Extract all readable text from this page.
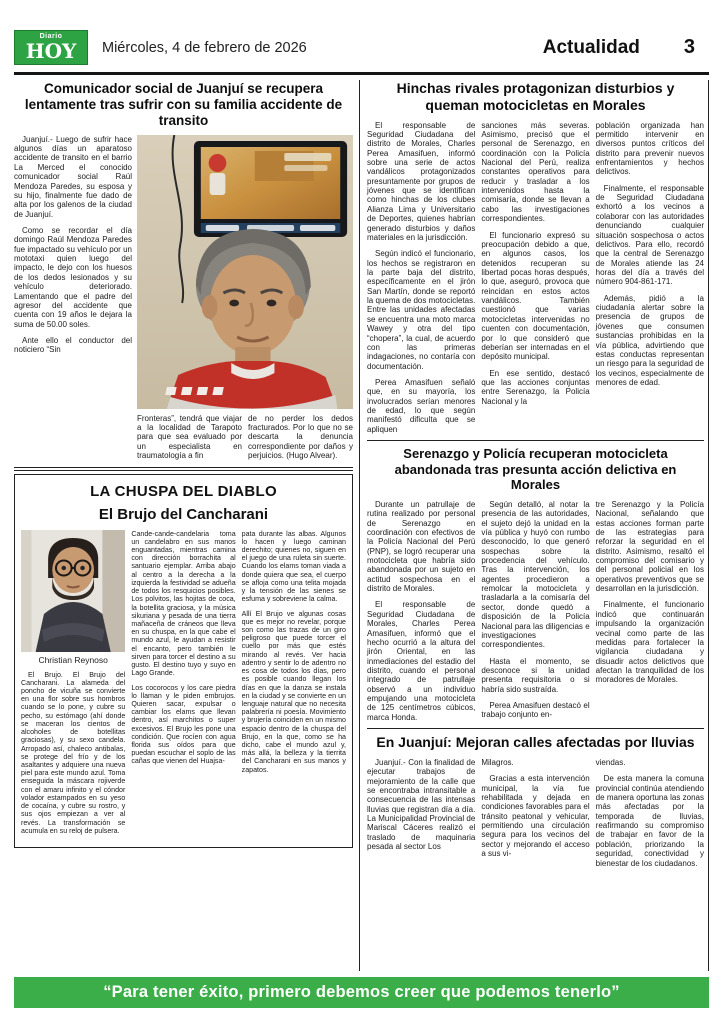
Diario
HOY	Miércoles, 4 de febrero de 2026	Actualidad 3
Comunicador social de Juanjuí se recupera lentamente tras sufrir con su familia accidente de transito

Juanjuí.- Luego de sufrir hace algunos días un aparatoso accidente de transito en el barrio La Merced el conocido comunicador social Raúl Mendoza Paredes, su esposa y su hijo, finalmente fue dado de alta por los galenos de la ciudad de Juanjuí.

Como se recordar el día domingo Raúl Mendoza Paredes fue impactado su vehículo por un mototaxi quien luego del impacto, le dejo con los huesos de los dedos lesionados y su vehículo deteriorado. Lamentando que el padre del agresor del accidente que cuenta con 19 años le dejara la suma de 50.00 soles.

Ante ello el conductor del noticiero “Sin

Fronteras”, tendrá que viajar a la localidad de Tarapoto para que sea evaluado por un especialista en traumatología a fin

de no perder los dedos fracturados. Por lo que no se descarta la denuncia correspondiente por daños y perjuicios. (Hugo Alvear).

LA CHUSPA DEL DIABLO
El Brujo del Cancharani
Christian Reynoso

El Brujo. El Brujo del Cancharani. La alameda del poncho de vicuña se convierte en una flor sobre sus hombros cuando se lo pone, y cubre su pecho, su estómago (ahí donde se maceran los cientos de alcoholes de botellitas graciosas), y su sexo candela. Arropado así, chaleco antibalas, se protege del frío y de los asaltantes y adquiere una nueva piel para este mundo azul. Toma enseguida la máscara rojiverde con el amaru infinito y el cóndor volador estampados en su yeso de cocaína, y cubre su rostro, y sus ojos empiezan a ver al revés. La transformación se acumula en su reloj de pulsera.

Cande-cande-candelaria toma un candelabro en sus manos enguantadas, mientras camina con dirección borrachita al santuario ejemplar. Arriba abajo al centro a la derecha a la izquierda la festividad se adueña de todos los resquicios posibles. Los polvitos, las hojitas de coca, la botellita graciosa, y la música sikuriana y pesada de una tierra mañaceña de cráneos que lleva en su chuspa, en la que cabe el mundo azul, le ayudan a resistir el encanto, pero también le sirven para torcer el destino a su gusto. El destino tuyo y suyo en Lago Grande.

Los cocorocos y los care piedra lo llaman y le piden embrujos. Quieren sacar, expulsar o cambiar los elams que llevan dentro, así marchitos o super excesivos. El Brujo les pone una condición. Que rocíen con agua florida sus oídos para que puedan escuchar el soplo de las cañas que vienen del Huajsa-

pata durante las albas. Algunos lo hacen y luego caminan derechito; quienes no, siguen en el juego de una ruleta sin suerte. Cuando los elams toman viada a donde quiera que sea, el cuerpo se afloja como una telita mojada y la tensión de las sienes se esfuma y sobreviene la calma.

Allí El Brujo ve algunas cosas que es mejor no revelar, porque son como las trazas de un giro peligroso que puede torcer el cuello por más que estés mirando al revés. Ver hacia adentro y sentir lo de adentro no es cosa de todos los días, pero es posible cuando llegan los días en que la danza se instala en la ciudad y se convierte en un lenguaje natural que no necesita palabrería ni poesía. Movimiento y brujería coinciden en un mismo espacio dentro de la chuspa del Brujo, en la que, como se ha dicho, cabe el mundo azul y, más allá, la belleza y la tierrita del Cancharani en sus manos y zapatos.

Hinchas rivales protagonizan disturbios y queman motocicletas en Morales

El responsable de Seguridad Ciudadana del distrito de Morales, Charles Perea Amasifuen, informó sobre una serie de actos vandálicos protagonizados presuntamente por grupos de jóvenes que se identifican como hinchas de los clubes Alianza Lima y Universitario de Deportes, quienes habrían generado disturbios y daños materiales en la jurisdicción.

Según indicó el funcionario, los hechos se registraron en la parte baja del distrito, específicamente en el jirón San Martín, donde se reportó la quema de dos motocicletas. Entre las unidades afectadas se encuentra una moto marca Wawey y otra del tipo “chopera”, la cual, de acuerdo con las primeras indagaciones, no contaría con documentación.

Perea Amasifuen señaló que, en su mayoría, los involucrados serían menores de edad, lo que según manifestó dificulta que se apliquen

sanciones más severas. Asimismo, precisó que el personal de Serenazgo, en coordinación con la Policía Nacional del Perú, realiza constantes operativos para reducir y trasladar a los intervenidos hasta la comisaría, donde se llevan a cabo las investigaciones correspondientes.

El funcionario expresó su preocupación debido a que, en algunos casos, los detenidos recuperan su libertad pocas horas después, lo que, aseguró, provoca que reincidan en estos actos vandálicos. También cuestionó que varias motocicletas intervenidas no cuenten con documentación, por lo que consideró que deberían ser internadas en el depósito municipal.

En ese sentido, destacó que las acciones conjuntas entre Serenazgo, la Policía Nacional y la

población organizada han permitido intervenir en diversos puntos críticos del distrito para prevenir nuevos enfrentamientos y hechos delictivos.

Finalmente, el responsable de Seguridad Ciudadana exhortó a los vecinos a colaborar con las autoridades denunciando cualquier situación sospechosa o actos delictivos. Para ello, recordó que la central de Serenazgo de Morales atiende las 24 horas del día a través del número 904-861-171.

Además, pidió a la ciudadanía alertar sobre la presencia de grupos de jóvenes que consumen sustancias prohibidas en la vía pública, advirtiendo que estas conductas representan un riesgo para la seguridad de los vecinos, especialmente de menores de edad.

Serenazgo y Policía recuperan motocicleta abandonada tras presunta acción delictiva en Morales

Durante un patrullaje de rutina realizado por personal de Serenazgo en coordinación con efectivos de la Policía Nacional del Perú (PNP), se logró recuperar una motocicleta que habría sido abandonada por un sujeto en actitud sospechosa en el distrito de Morales.

El responsable de Seguridad Ciudadana de Morales, Charles Perea Amasifuen, informó que el hecho ocurrió a la altura del jirón Oriental, en las inmediaciones del estadio del distrito, cuando el personal integrado de patrullaje observó a un individuo empujando una motocicleta de 125 centímetros cúbicos, marca Honda.

Según detalló, al notar la presencia de las autoridades, el sujeto dejó la unidad en la vía pública y huyó con rumbo desconocido, lo que generó sospechas sobre la procedencia del vehículo. Tras la intervención, los agentes procedieron a remolcar la motocicleta y trasladarla a la comisaría del sector, donde quedó a disposición de la Policía Nacional para las diligencias e investigaciones correspondientes.

Hasta el momento, se desconoce si la unidad presenta requisitoria o si habría sido sustraída.

Perea Amasifuen destacó el trabajo conjunto en-

tre Serenazgo y la Policía Nacional, señalando que estas acciones forman parte de las estrategias para reforzar la seguridad en el distrito. Asimismo, resaltó el compromiso del comisario y del personal policial en los operativos preventivos que se desarrollan en la jurisdicción.

Finalmente, el funcionario indicó que continuarán impulsando la organización vecinal como parte de las medidas para fortalecer la vigilancia ciudadana y disuadir actos delictivos que afectan la tranquilidad de los moradores de Morales.

En Juanjuí: Mejoran calles afectadas por lluvias

Juanjuí.- Con la finalidad de ejecutar trabajos de mejoramiento de la calle que se encontraba intransitable a consecuencia de las intensas lluvias que registran día a día. La Municipalidad Provincial de Mariscal Cáceres realizó el traslado de maquinaria pesada al sector Los

Milagros.

Gracias a esta intervención municipal, la vía fue rehabilitada y dejada en condiciones favorables para el tránsito peatonal y vehicular, permitiendo una circulación segura para los vecinos del sector y mejorando el acceso a sus vi-

viendas.

De esta manera la comuna provincial continúa atendiendo de manera oportuna las zonas más afectadas por la temporada de lluvias, reafirmando su compromiso de trabajar en favor de la población, priorizando la seguridad, conectividad y bienestar de los ciudadanos.

“Para tener éxito, primero debemos creer que podemos tenerlo”
